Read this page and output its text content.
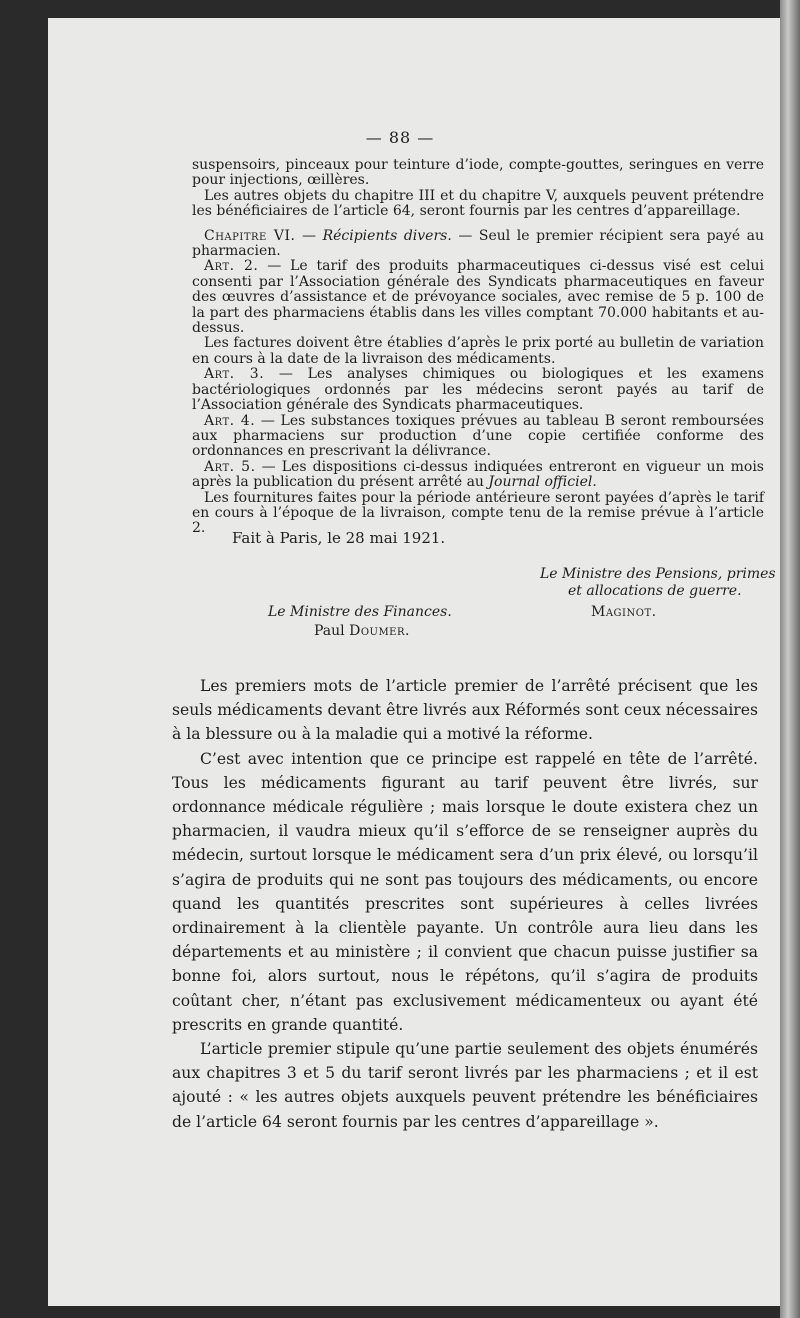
— 88 —

suspensoirs, pinceaux pour teinture d’iode, compte-gouttes, seringues en verre pour injections, œillères.

Les autres objets du chapitre III et du chapitre V, auxquels peuvent prétendre les bénéficiaires de l’article 64, seront fournis par les centres d’appareillage.

Chapitre VI. — Récipients divers. — Seul le premier récipient sera payé au pharmacien.

Art. 2. — Le tarif des produits pharmaceutiques ci-dessus visé est celui consenti par l’Association générale des Syndicats pharmaceutiques en faveur des œuvres d’assistance et de prévoyance sociales, avec remise de 5 p. 100 de la part des pharmaciens établis dans les villes comptant 70.000 habitants et au-dessus.

Les factures doivent être établies d’après le prix porté au bulletin de variation en cours à la date de la livraison des médicaments.

Art. 3. — Les analyses chimiques ou biologiques et les examens bactériologiques ordonnés par les médecins seront payés au tarif de l’Association générale des Syndicats pharmaceutiques.

Art. 4. — Les substances toxiques prévues au tableau B seront remboursées aux pharmaciens sur production d’une copie certifiée conforme des ordonnances en prescrivant la délivrance.

Art. 5. — Les dispositions ci-dessus indiquées entreront en vigueur un mois après la publication du présent arrêté au Journal officiel.

Les fournitures faites pour la période antérieure seront payées d’après le tarif en cours à l’époque de la livraison, compte tenu de la remise prévue à l’article 2.

Fait à Paris, le 28 mai 1921.
Le Ministre des Pensions, primes
et allocations de guerre.
Maginot.
Le Ministre des Finances.
Paul Doumer.

Les premiers mots de l’article premier de l’arrêté précisent que les seuls médicaments devant être livrés aux Réformés sont ceux nécessaires à la blessure ou à la maladie qui a motivé la réforme.

C’est avec intention que ce principe est rappelé en tête de l’arrêté. Tous les médicaments figurant au tarif peuvent être livrés, sur ordonnance médicale régulière ; mais lorsque le doute existera chez un pharmacien, il vaudra mieux qu’il s’efforce de se renseigner auprès du médecin, surtout lorsque le médicament sera d’un prix élevé, ou lorsqu’il s’agira de produits qui ne sont pas toujours des médicaments, ou encore quand les quantités prescrites sont supérieures à celles livrées ordinairement à la clientèle payante. Un contrôle aura lieu dans les départements et au ministère ; il convient que chacun puisse justifier sa bonne foi, alors surtout, nous le répétons, qu’il s’agira de produits coûtant cher, n’étant pas exclusivement médicamenteux ou ayant été prescrits en grande quantité.

L’article premier stipule qu’une partie seulement des objets énumérés aux chapitres 3 et 5 du tarif seront livrés par les pharmaciens ; et il est ajouté : « les autres objets auxquels peuvent prétendre les bénéficiaires de l’article 64 seront fournis par les centres d’appareillage ».
